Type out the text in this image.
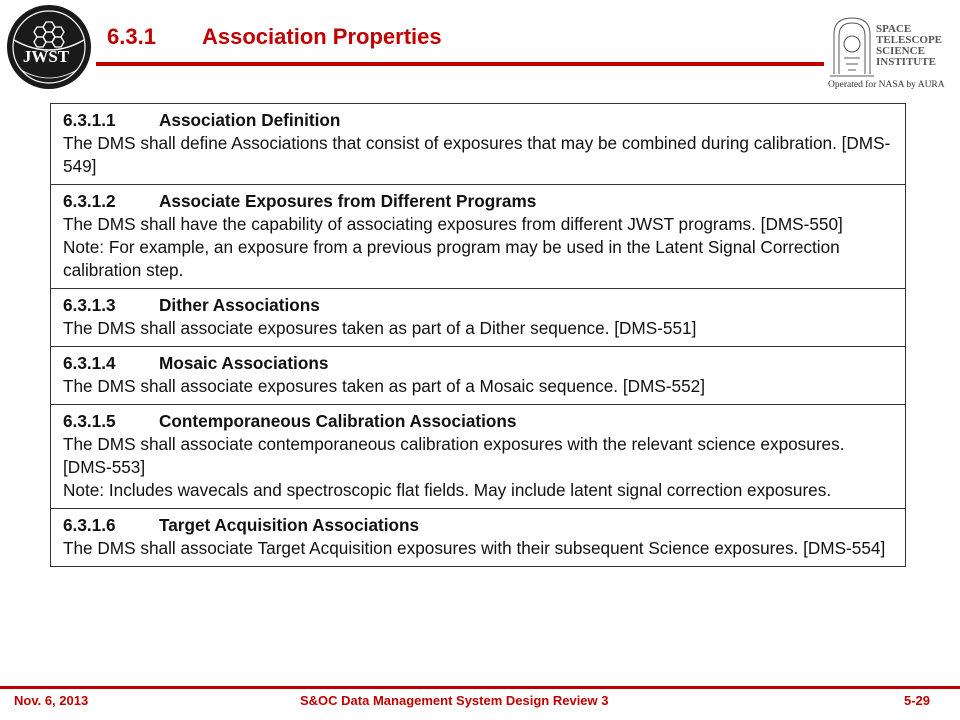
JWST
6.3.1 Association Properties	SPACE
TELESCOPE
SCIENCE
INSTITUTE
Operated for NASA by AURA
6.3.1.1	Association Definition

The DMS shall define Associations that consist of exposures that may be combined during calibration. [DMS-549]

6.3.1.2	Associate Exposures from Different Programs

The DMS shall have the capability of associating exposures from different JWST programs. [DMS-550]

Note: For example, an exposure from a previous program may be used in the Latent Signal Correction calibration step.

6.3.1.3	Dither Associations

The DMS shall associate exposures taken as part of a Dither sequence. [DMS-551]

6.3.1.4	Mosaic Associations

The DMS shall associate exposures taken as part of a Mosaic sequence. [DMS-552]

6.3.1.5	Contemporaneous Calibration Associations

The DMS shall associate contemporaneous calibration exposures with the relevant science exposures. [DMS-553]

Note: Includes wavecals and spectroscopic flat fields. May include latent signal correction exposures.

6.3.1.6	Target Acquisition Associations

The DMS shall associate Target Acquisition exposures with their subsequent Science exposures. [DMS-554]

Nov. 6, 2013	S&OC Data Management System Design Review 3	5-29
